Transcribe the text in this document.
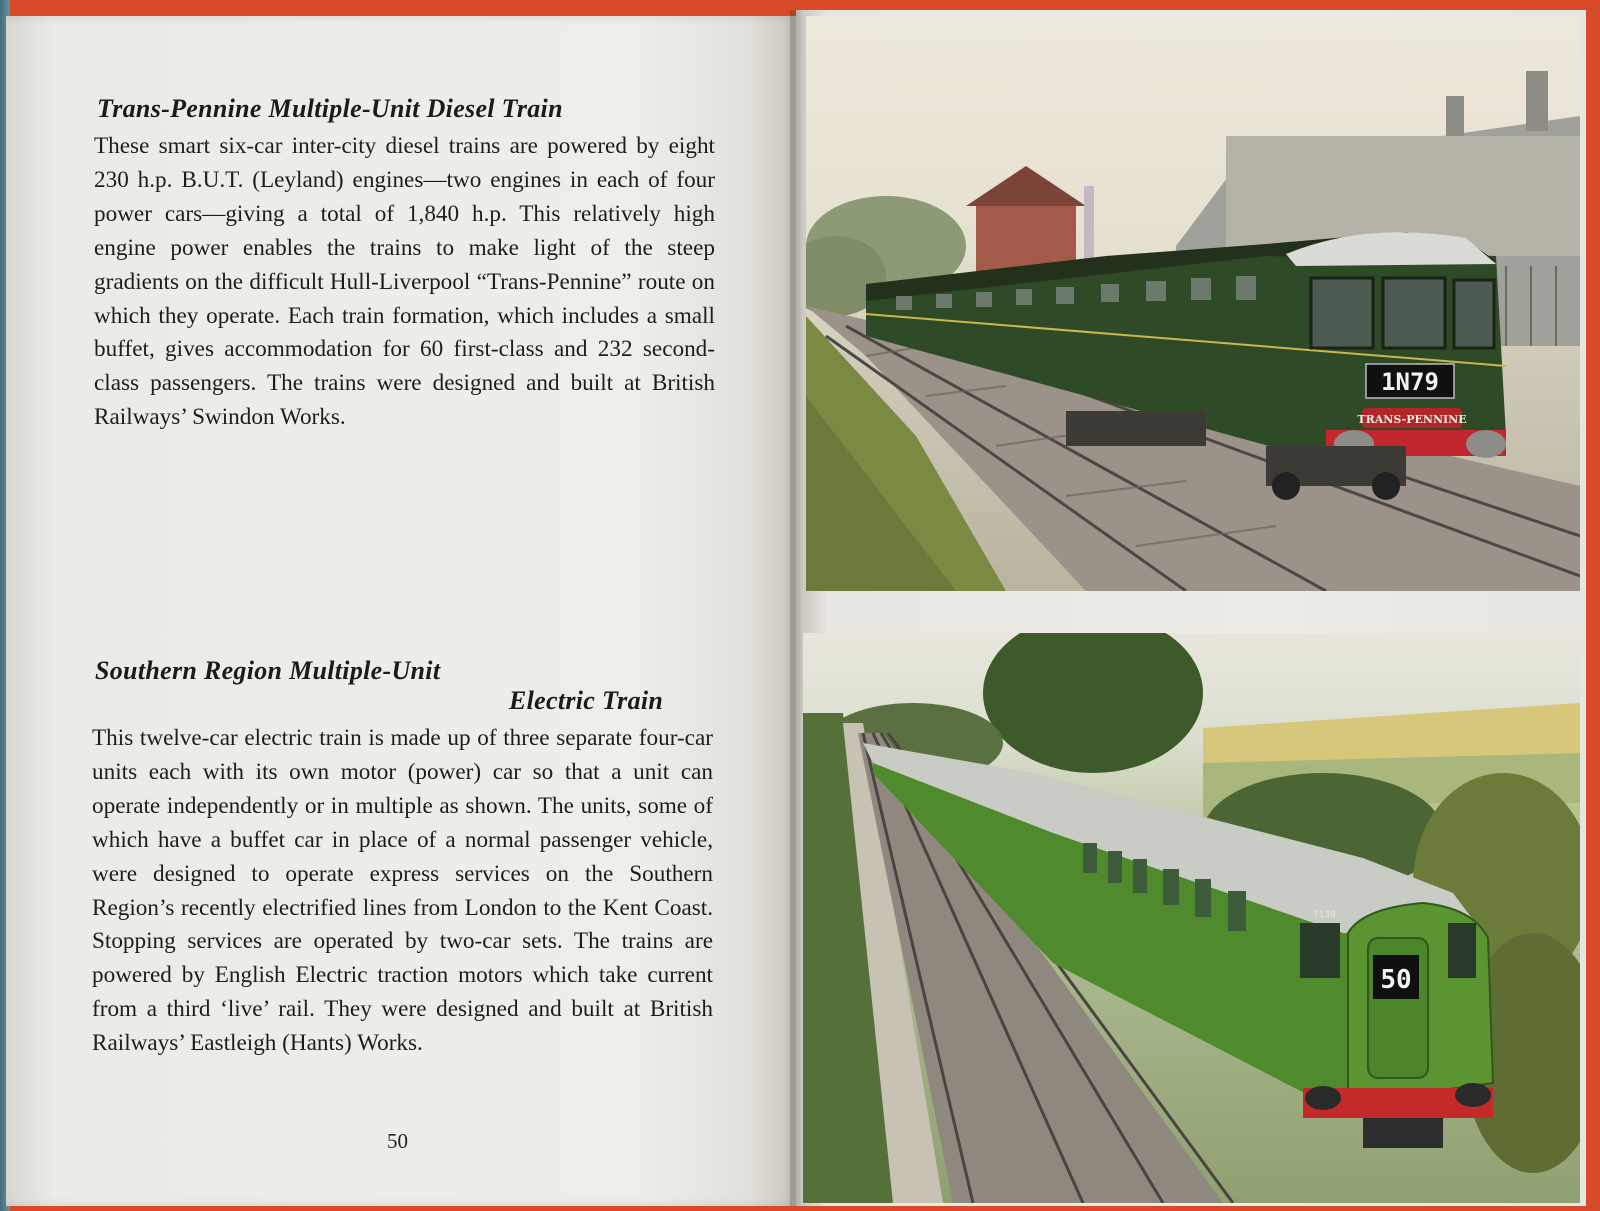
Trans-Pennine Multiple-Unit Diesel Train

These smart six-car inter-city diesel trains are powered by eight 230 h.p. B.U.T. (Leyland) engines—two engines in each of four power cars—giving a total of 1,840 h.p. This relatively high engine power enables the trains to make light of the steep gradients on the difficult Hull-Liverpool “Trans-Pennine” route on which they operate. Each train formation, which includes a small buffet, gives accommodation for 60 first-class and 232 second-class passengers. The trains were designed and built at British Railways’ Swindon Works.

Southern Region Multiple-Unit
Electric Train

This twelve-car electric train is made up of three separate four-car units each with its own motor (power) car so that a unit can operate independently or in multiple as shown. The units, some of which have a buffet car in place of a normal passenger vehicle, were designed to operate express services on the Southern Region’s recently electrified lines from London to the Kent Coast. Stopping services are operated by two-car sets. The trains are powered by English Electric traction motors which take current from a third ‘live’ rail. They were designed and built at British Railways’ Eastleigh (Hants) Works.

50
1N79
TRANS-PENNINE
50
7139
